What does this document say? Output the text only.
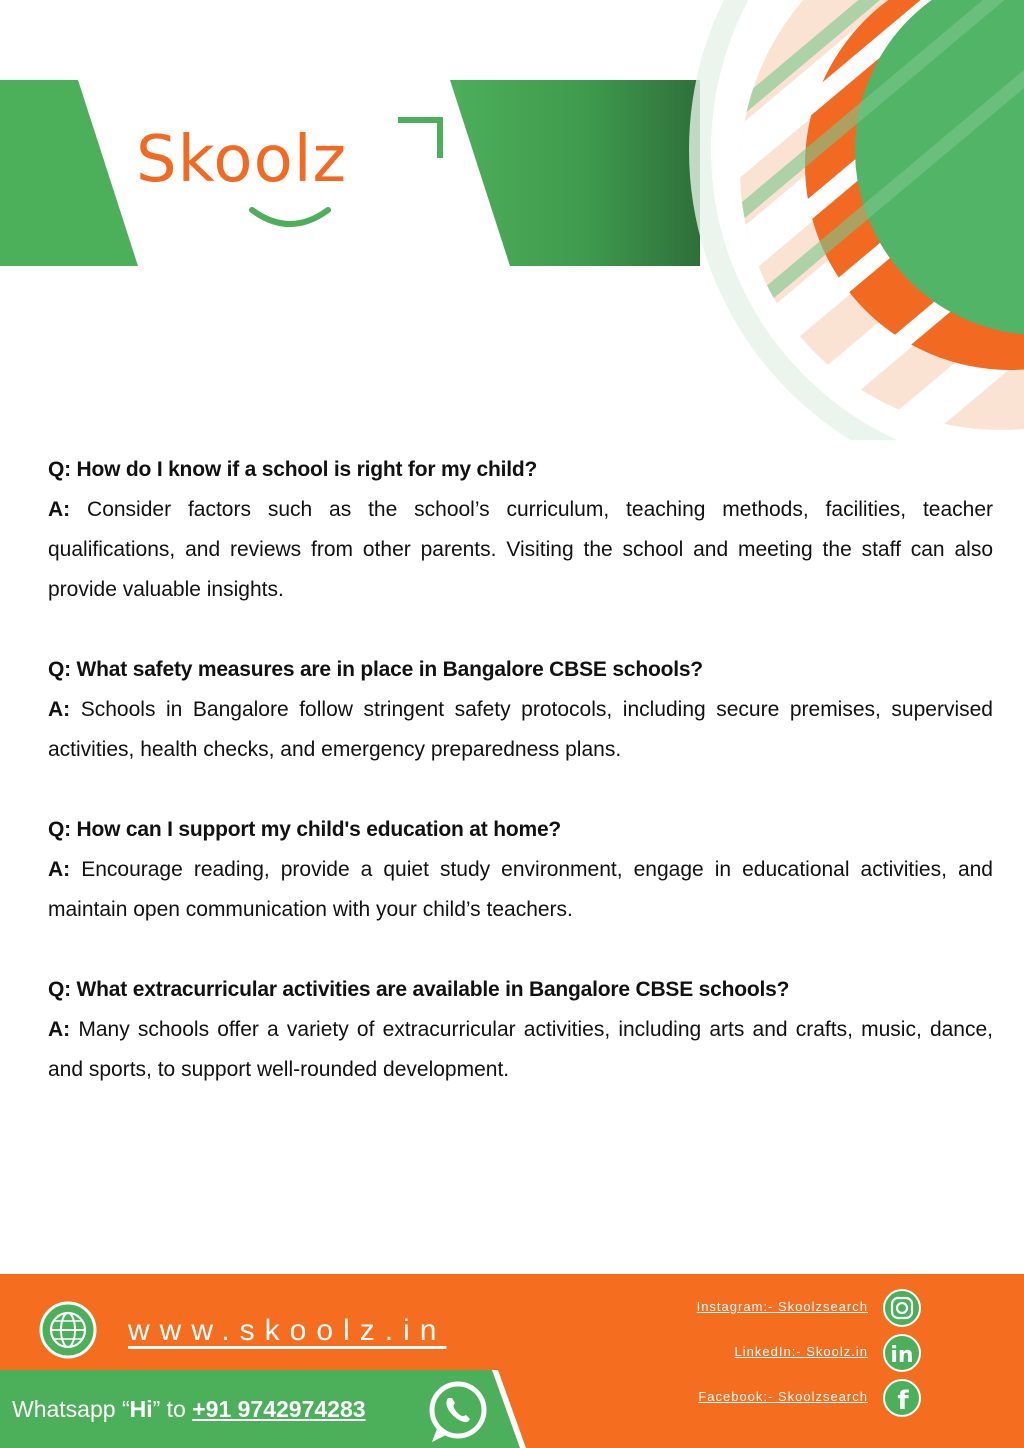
Skoolz

Q: How do I know if a school is right for my child?

A: Consider factors such as the school’s curriculum, teaching methods, facilities, teacher qualifications, and reviews from other parents. Visiting the school and meeting the staff can also provide valuable insights.

Q: What safety measures are in place in Bangalore CBSE schools?

A: Schools in Bangalore follow stringent safety protocols, including secure premises, supervised activities, health checks, and emergency preparedness plans.

Q: How can I support my child's education at home?

A: Encourage reading, provide a quiet study environment, engage in educational activities, and maintain open communication with your child’s teachers.

Q: What extracurricular activities are available in Bangalore CBSE schools?

A: Many schools offer a variety of extracurricular activities, including arts and crafts, music, dance, and sports, to support well-rounded development.

in
f
www.skoolz.in
Whatsapp “Hi” to +91 9742974283
Instagram:- Skoolzsearch
LinkedIn:- Skoolz.in
Facebook:- Skoolzsearch
